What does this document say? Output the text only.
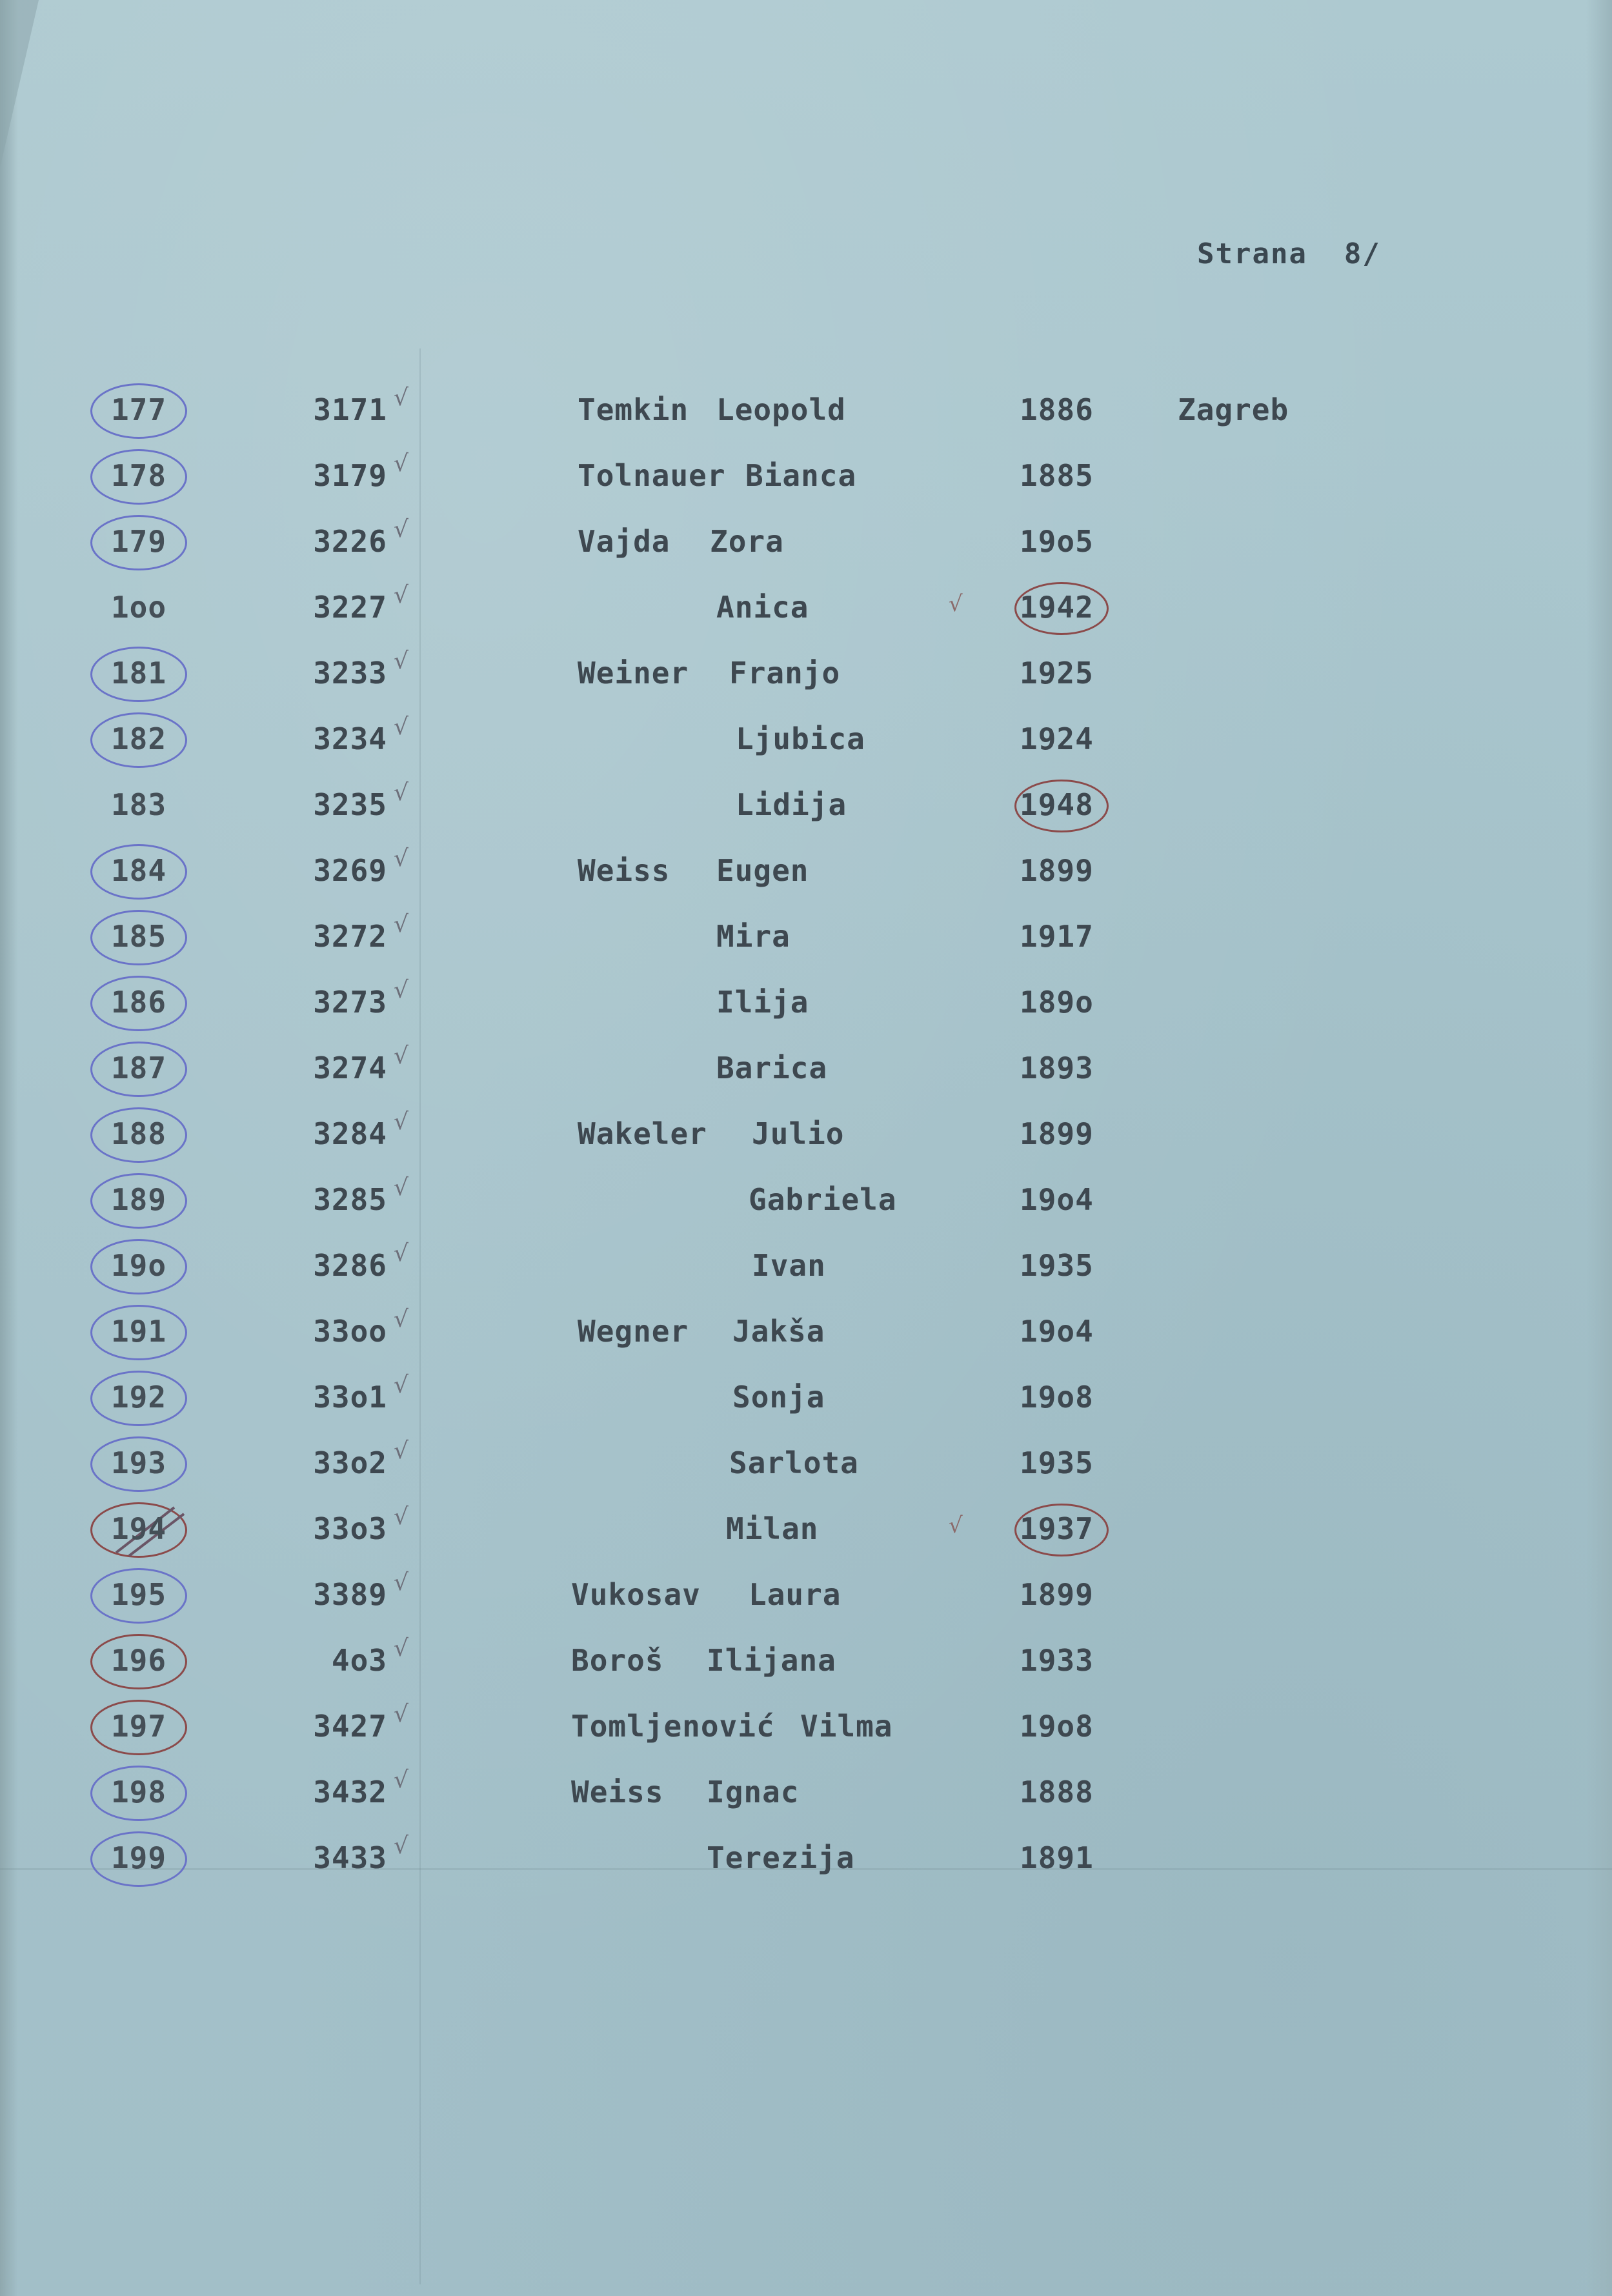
Strana  8/
177	3171 √	Temkin Leopold	1886	Zagreb
178	3179 √	Tolnauer Bianca	1885
179	3226 √	Vajda Zora	19o5
1oo	3227 √	Anica	√ 1942
181	3233 √	Weiner Franjo	1925
182	3234 √	Ljubica	1924
183	3235 √	Lidija	1948
184	3269 √	Weiss Eugen	1899
185	3272 √	Mira	1917
186	3273 √	Ilija	189o
187	3274 √	Barica	1893
188	3284 √	Wakeler Julio	1899
189	3285 √	Gabriela	19o4
19o	3286 √	Ivan	1935
191	33oo √	Wegner Jakša	19o4
192	33o1 √	Sonja	19o8
193	33o2 √	Sarlota	1935
194	33o3 √	Milan	√ 1937
195	3389 √	Vukosav Laura	1899
196	4o3 √	Boroš Ilijana	1933
197	3427 √	Tomljenović Vilma	19o8
198	3432 √	Weiss Ignac	1888
199	3433 √	Terezija	1891
